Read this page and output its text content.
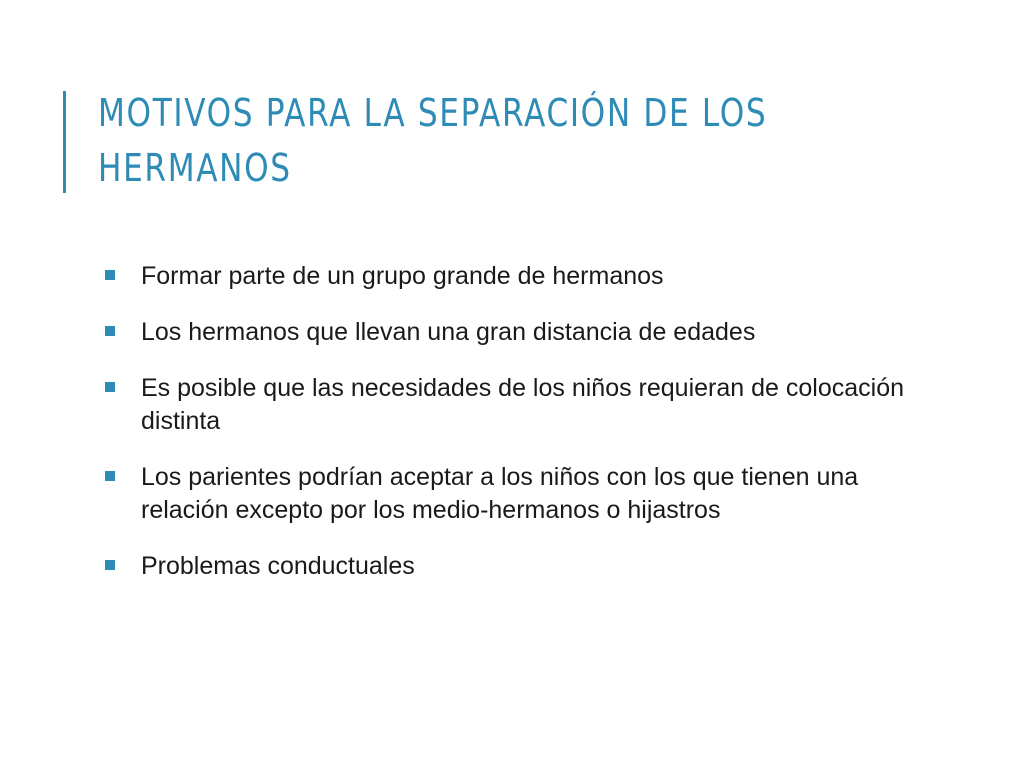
MOTIVOS PARA LA SEPARACIÓN DE LOS
HERMANOS
Formar parte de un grupo grande de hermanos
Los hermanos que llevan una gran distancia de edades
Es posible que las necesidades de los niños requieran de colocación distinta
Los parientes podrían aceptar a los niños con los que tienen una relación excepto por los medio-hermanos o hijastros
Problemas conductuales
